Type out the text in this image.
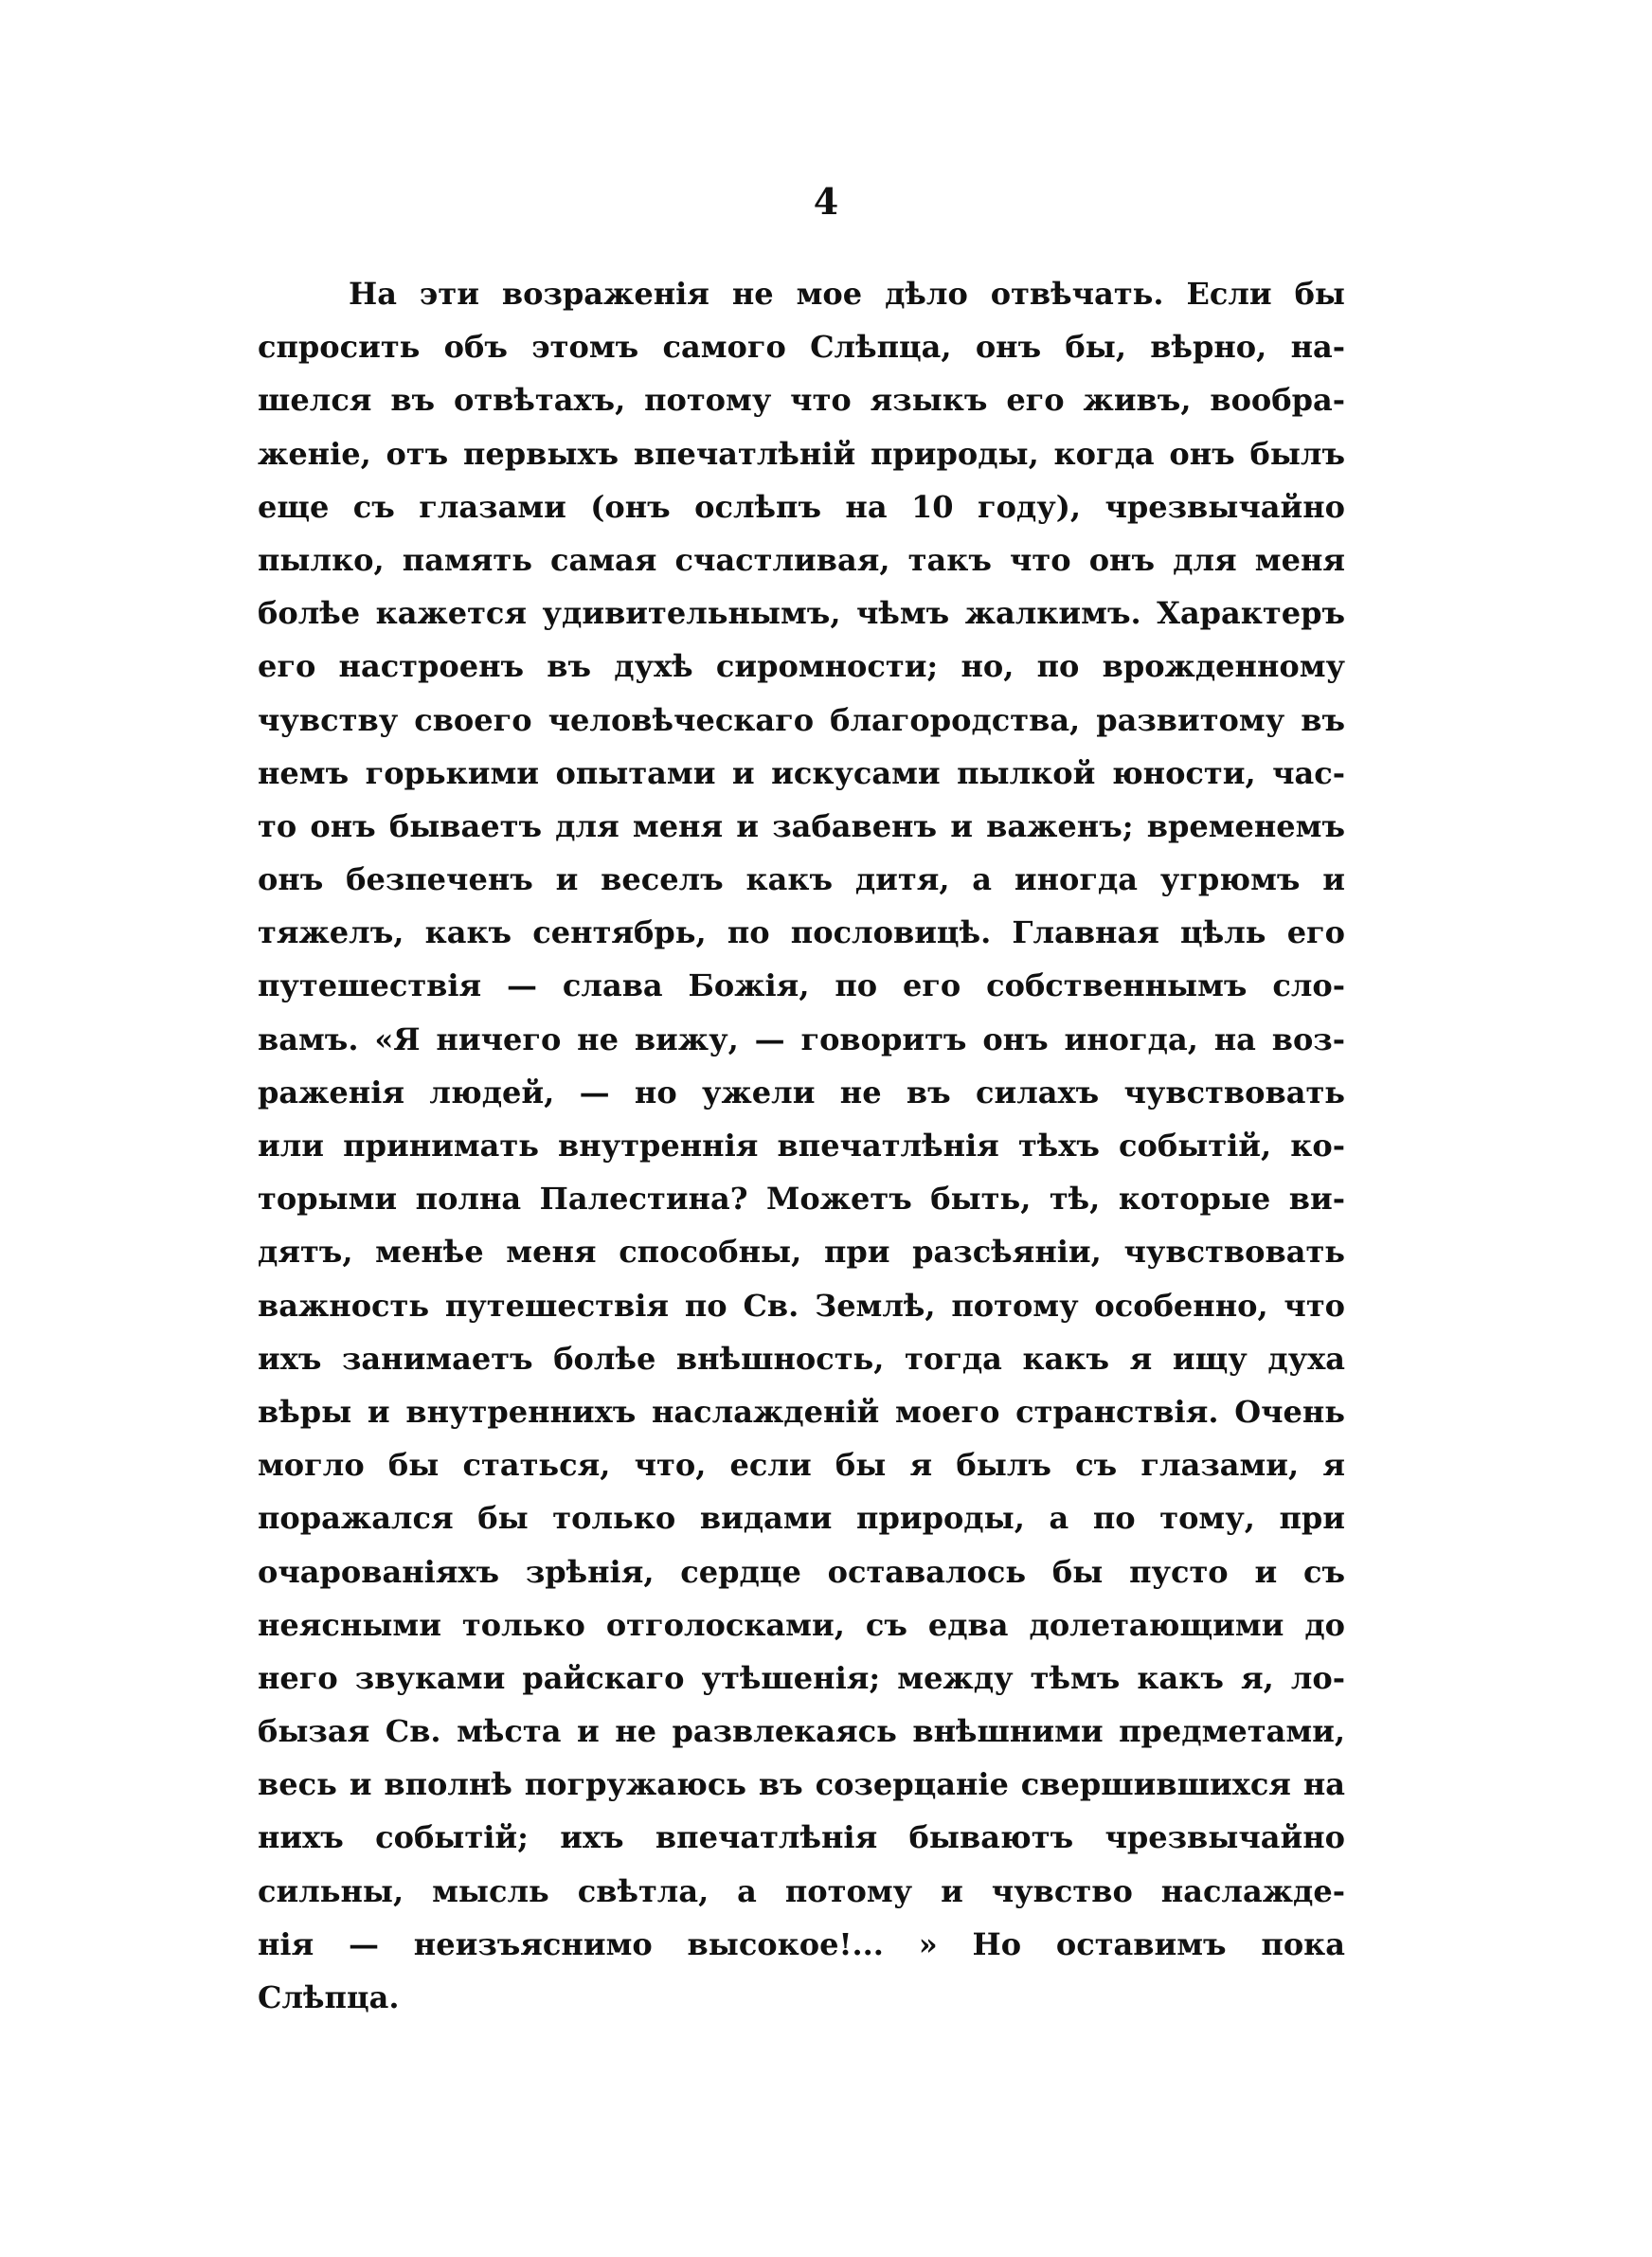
4
На эти возраженія не мое дѣло отвѣчать. Если бы
спросить объ этомъ самого Слѣпца, онъ бы, вѣрно, на-
шелся въ отвѣтахъ, потому что языкъ его живъ, вообра-
женіе, отъ первыхъ впечатлѣній природы, когда онъ былъ
еще съ глазами (онъ ослѣпъ на 10 году), чрезвычайно
пылко, память самая счастливая, такъ что онъ для меня
болѣе кажется удивительнымъ, чѣмъ жалкимъ. Характеръ
его настроенъ въ духѣ сиромности; но, по врожденному
чувству своего человѣческаго благородства, развитому въ
немъ горькими опытами и искусами пылкой юности, час-
то онъ бываетъ для меня и забавенъ и важенъ; временемъ
онъ безпеченъ и веселъ какъ дитя, а иногда угрюмъ и
тяжелъ, какъ сентябрь, по пословицѣ. Главная цѣль его
путешествія — слава Божія, по его собственнымъ сло-
вамъ. «Я ничего не вижу, — говоритъ онъ иногда, на воз-
раженія людей, — но ужели не въ силахъ чувствовать
или принимать внутреннія впечатлѣнія тѣхъ событій, ко-
торыми полна Палестина? Можетъ быть, тѣ, которые ви-
дятъ, менѣе меня способны, при разсѣяніи, чувствовать
важность путешествія по Св. Землѣ, потому особенно, что
ихъ занимаетъ болѣе внѣшность, тогда какъ я ищу духа
вѣры и внутреннихъ наслажденій моего странствія. Очень
могло бы статься, что, если бы я былъ съ глазами, я
поражался бы только видами природы, а по тому, при
очарованіяхъ зрѣнія, сердце оставалось бы пусто и съ
неясными только отголосками, съ едва долетающими до
него звуками райскаго утѣшенія; между тѣмъ какъ я, ло-
бызая Св. мѣста и не развлекаясь внѣшними предметами,
весь и вполнѣ погружаюсь въ созерцаніе свершившихся на
нихъ событій; ихъ впечатлѣнія бываютъ чрезвычайно
сильны, мысль свѣтла, а потому и чувство наслажде-
нія — неизъяснимо высокое!... » Но оставимъ пока
Слѣпца.
